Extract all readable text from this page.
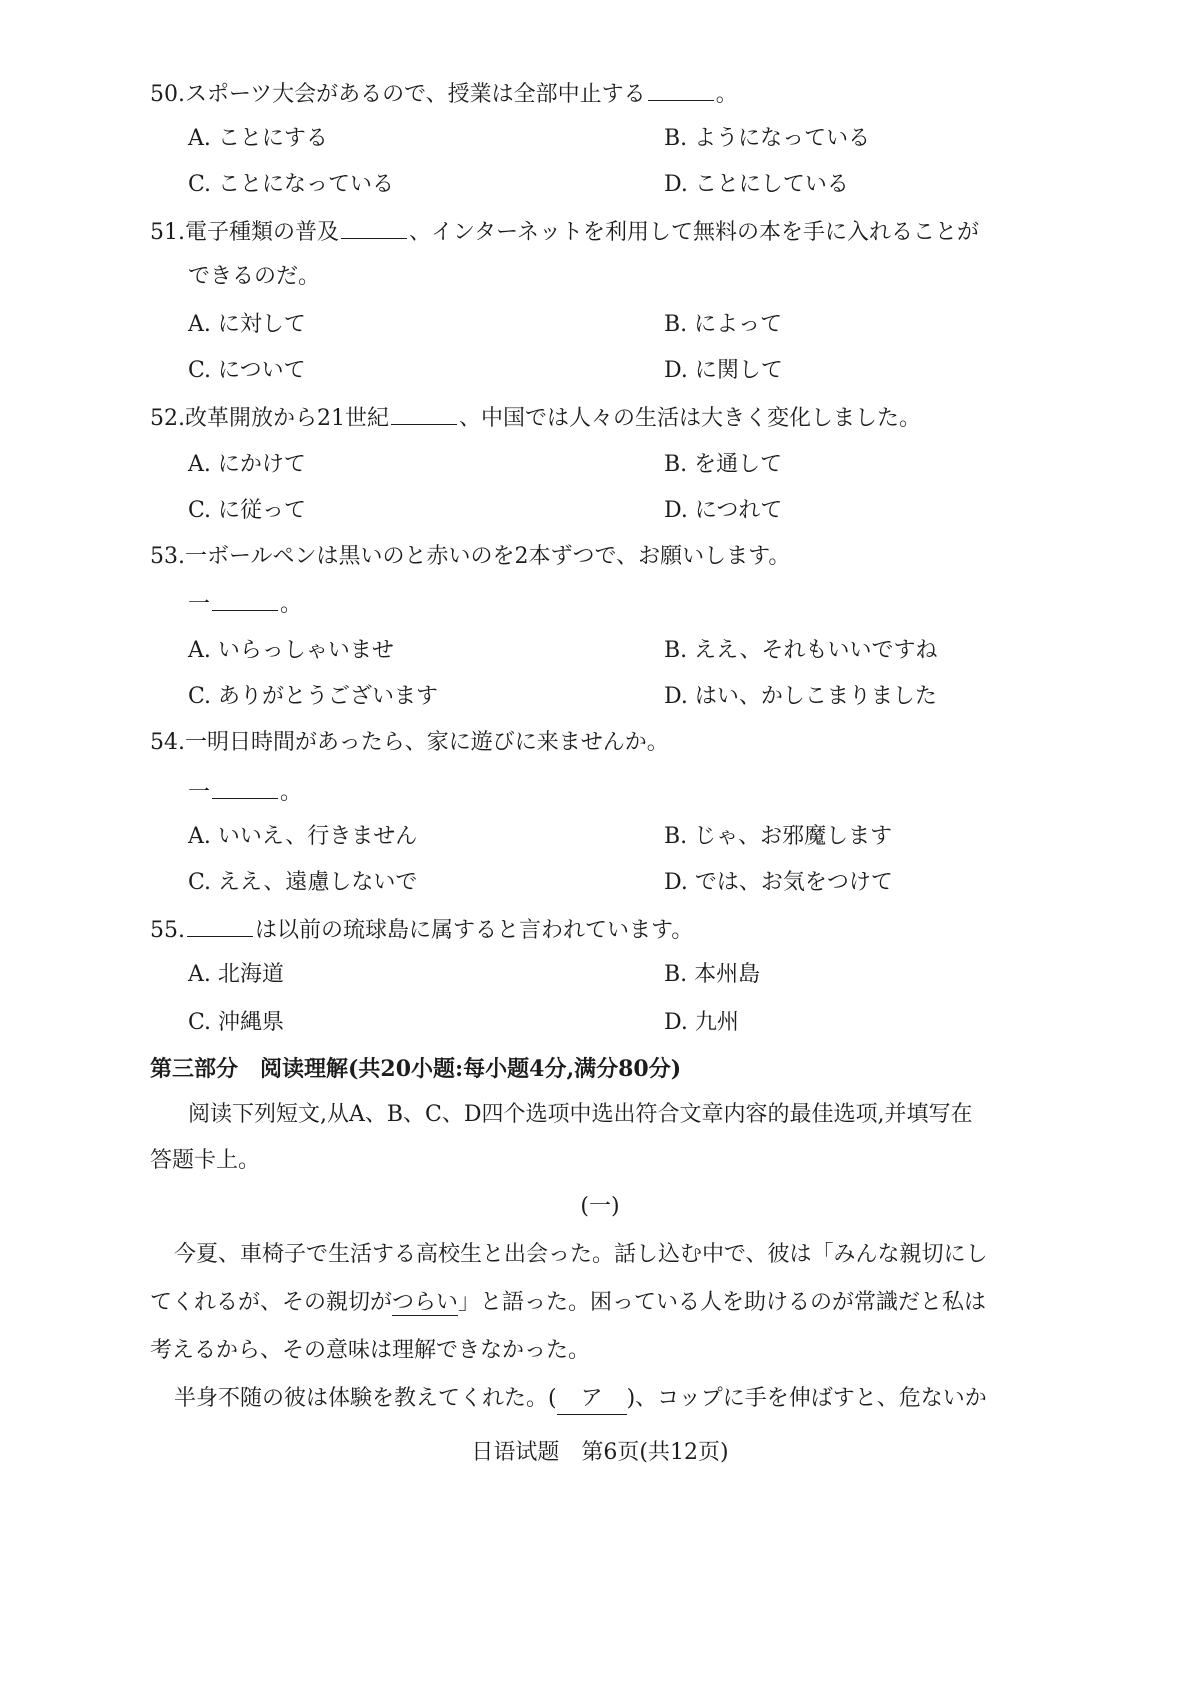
50.スポーツ大会があるので、授業は全部中止する	。
A. ことにする	B. ようになっている
C. ことになっている	D. ことにしている
51.電子種類の普及	、インターネットを利用して無料の本を手に入れることが
できるのだ。
A. に対して	B. によって
C. について	D. に関して
52.改革開放から21世紀	、中国では人々の生活は大きく変化しました。
A. にかけて	B. を通して
C. に従って	D. につれて
53.一ボールペンは黒いのと赤いのを2本ずつで、お願いします。
一	。
A. いらっしゃいませ	B. ええ、それもいいですね
C. ありがとうございます	D. はい、かしこまりました
54.一明日時間があったら、家に遊びに来ませんか。
一	。
A. いいえ、行きません	B. じゃ、お邪魔します
C. ええ、遠慮しないで	D. では、お気をつけて
55.	は以前の琉球島に属すると言われています。
A. 北海道	B. 本州島
C. 沖縄県	D. 九州
第三部分　阅读理解(共20小题:每小题4分,满分80分)
阅读下列短文,从A、B、C、D四个选项中选出符合文章内容的最佳选项,并填写在
答题卡上。
(一)
今夏、車椅子で生活する高校生と出会った。話し込む中で、彼は「みんな親切にし
てくれるが、その親切がつらい」と語った。困っている人を助けるのが常識だと私は
考えるから、その意味は理解できなかった。
半身不随の彼は体験を教えてくれた。( ア )、コップに手を伸ばすと、危ないか
日语试题　第6页(共12页)
